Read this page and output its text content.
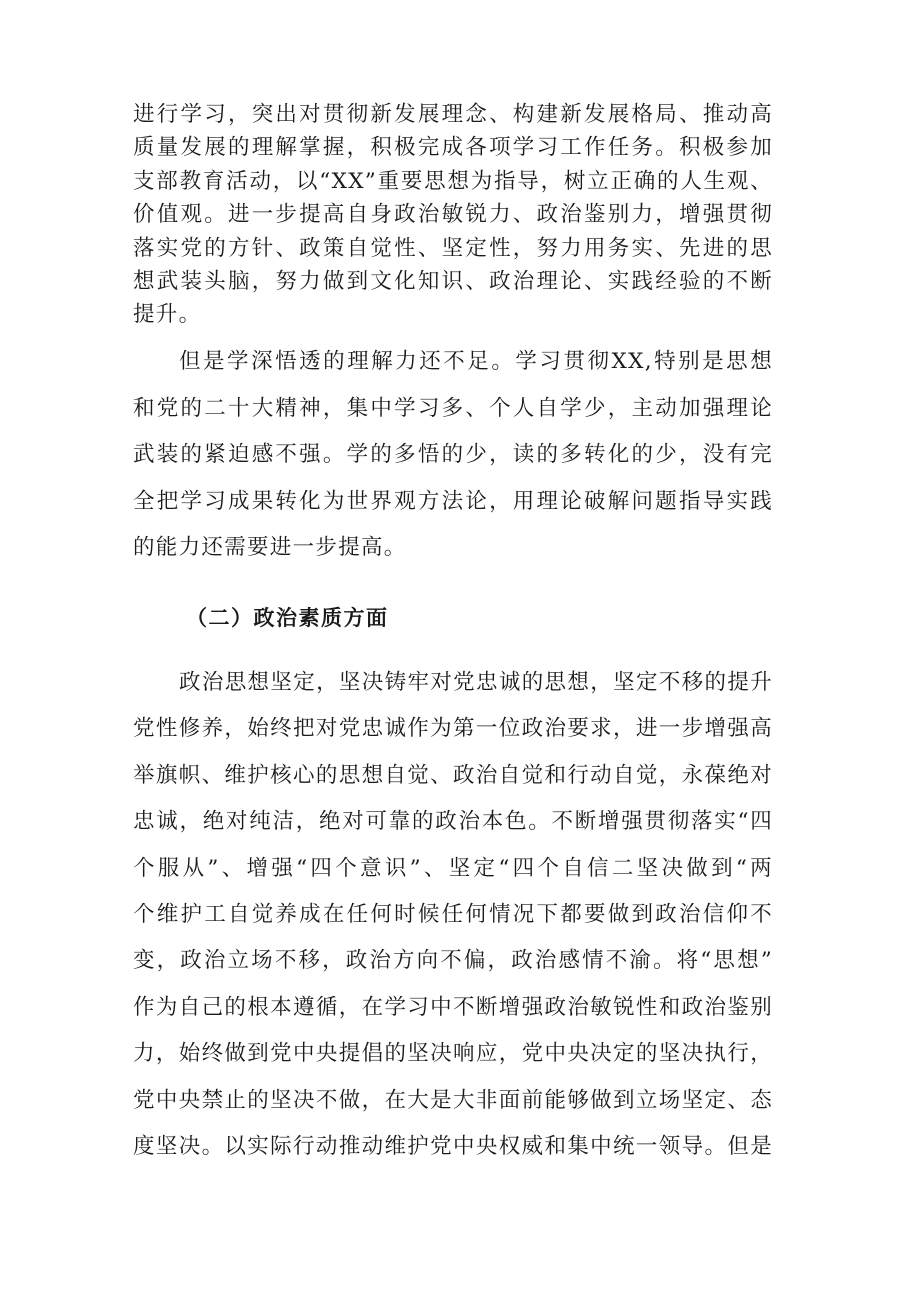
进行学习，突出对贯彻新发展理念、构建新发展格局、推动高
质量发展的理解掌握，积极完成各项学习工作任务。积极参加
支部教育活动，以“XX”重要思想为指导，树立正确的人生观、
价值观。进一步提高自身政治敏锐力、政治鉴别力，增强贯彻
落实党的方针、政策自觉性、坚定性，努力用务实、先进的思
想武装头脑，努力做到文化知识、政治理论、实践经验的不断
提升。
但是学深悟透的理解力还不足。学习贯彻XX,特别是思想
和党的二十大精神，集中学习多、个人自学少，主动加强理论
武装的紧迫感不强。学的多悟的少，读的多转化的少，没有完
全把学习成果转化为世界观方法论，用理论破解问题指导实践
的能力还需要进一步提高。
（二）政治素质方面
政治思想坚定，坚决铸牢对党忠诚的思想，坚定不移的提升
党性修养，始终把对党忠诚作为第一位政治要求，进一步增强高
举旗帜、维护核心的思想自觉、政治自觉和行动自觉，永葆绝对
忠诚，绝对纯洁，绝对可靠的政治本色。不断增强贯彻落实“四
个服从”、增强“四个意识”、坚定“四个自信二坚决做到“两
个维护工自觉养成在任何时候任何情况下都要做到政治信仰不
变，政治立场不移，政治方向不偏，政治感情不渝。将“思想”
作为自己的根本遵循，在学习中不断增强政治敏锐性和政治鉴别
力，始终做到党中央提倡的坚决响应，党中央决定的坚决执行，
党中央禁止的坚决不做，在大是大非面前能够做到立场坚定、态
度坚决。以实际行动推动维护党中央权威和集中统一领导。但是
